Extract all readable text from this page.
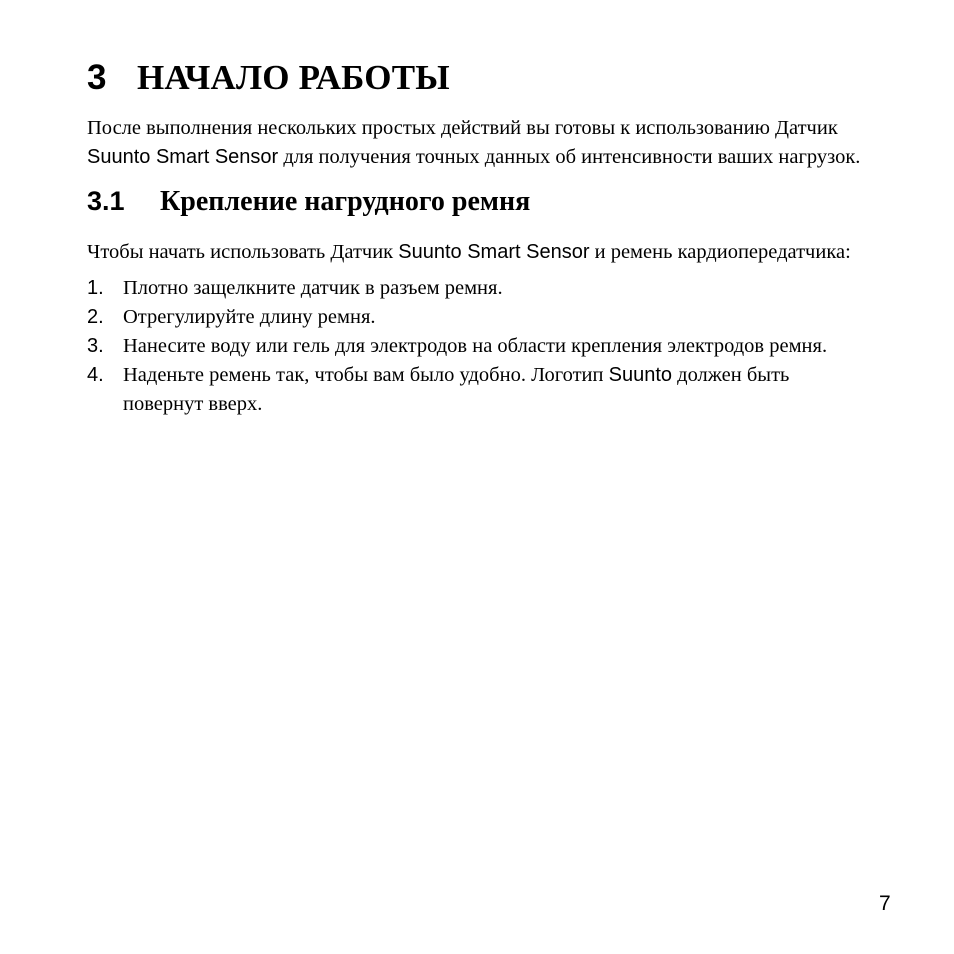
3 НАЧАЛО РАБОТЫ

После выполнения нескольких простых действий вы готовы к использованию Датчик Suunto Smart Sensor для получения точных данных об интенсивности ваших нагрузок.

3.1	Крепление нагрудного ремня

Чтобы начать использовать Датчик Suunto Smart Sensor и ремень кардиопередатчика:

1. Плотно защелкните датчик в разъем ремня.
2. Отрегулируйте длину ремня.
3. Нанесите воду или гель для электродов на области крепления электродов ремня.
4. Наденьте ремень так, чтобы вам было удобно. Логотип Suunto должен быть повернут вверх.
7
